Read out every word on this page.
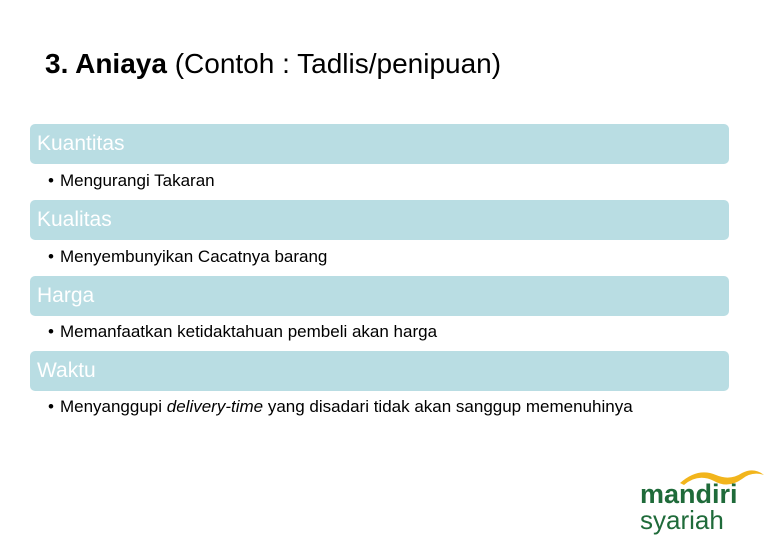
3. Aniaya (Contoh : Tadlis/penipuan)
Kuantitas
• Mengurangi Takaran
Kualitas
• Menyembunyikan Cacatnya barang
Harga
• Memanfaatkan ketidaktahuan pembeli akan harga
Waktu
• Menyanggupi delivery-time yang disadari tidak akan sanggup memenuhinya
mandiri
syariah
